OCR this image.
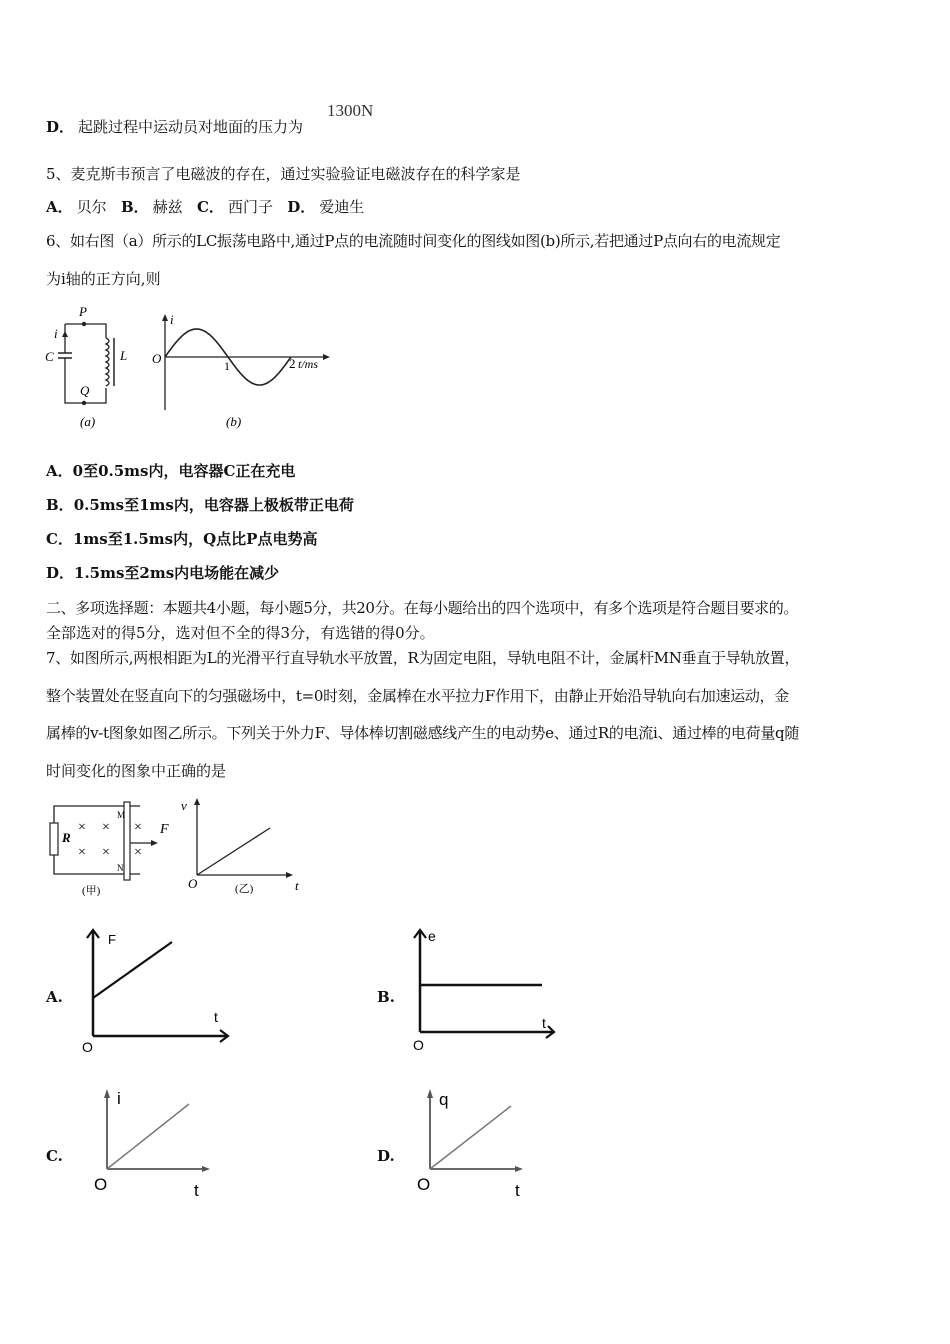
D． 起跳过程中运动员对地面的压力为
1300N
5、麦克斯韦预言了电磁波的存在，通过实验验证电磁波存在的科学家是
A． 贝尔 B． 赫兹 C． 西门子 D． 爱迪生
6、如右图（a）所示的LC振荡电路中,通过P点的电流随时间变化的图线如图(b)所示,若把通过P点向右的电流规定
为i轴的正方向,则
P
Q
C	L
i
(a)
O
i
1	2 t/ms
(b)
A．0至0.5ms内，电容器C正在充电
B．0.5ms至1ms内，电容器上极板带正电荷
C．1ms至1.5ms内，Q点比P点电势高
D．1.5ms至2ms内电场能在减少
二、多项选择题：本题共4小题，每小题5分，共20分。在每小题给出的四个选项中，有多个选项是符合题目要求的。
全部选对的得5分，选对但不全的得3分，有选错的得0分。
7、如图所示,两根相距为L的光滑平行直导轨水平放置，R为固定电阻，导轨电阻不计，金属杆MN垂直于导轨放置，
整个装置处在竖直向下的匀强磁场中，t=0时刻，金属棒在水平拉力F作用下，由静止开始沿导轨向右加速运动，金
属棒的v-t图象如图乙所示。下列关于外力F、导体棒切割磁感线产生的电动势e、通过R的电流i、通过棒的电荷量q随
时间变化的图象中正确的是
R
× ×
× ×
×
×
M
N
F
(甲)
v
O	t
(乙)
A.
F
t
O
B.
e
t
O
C.
i
t
O
D.
q
t
O
